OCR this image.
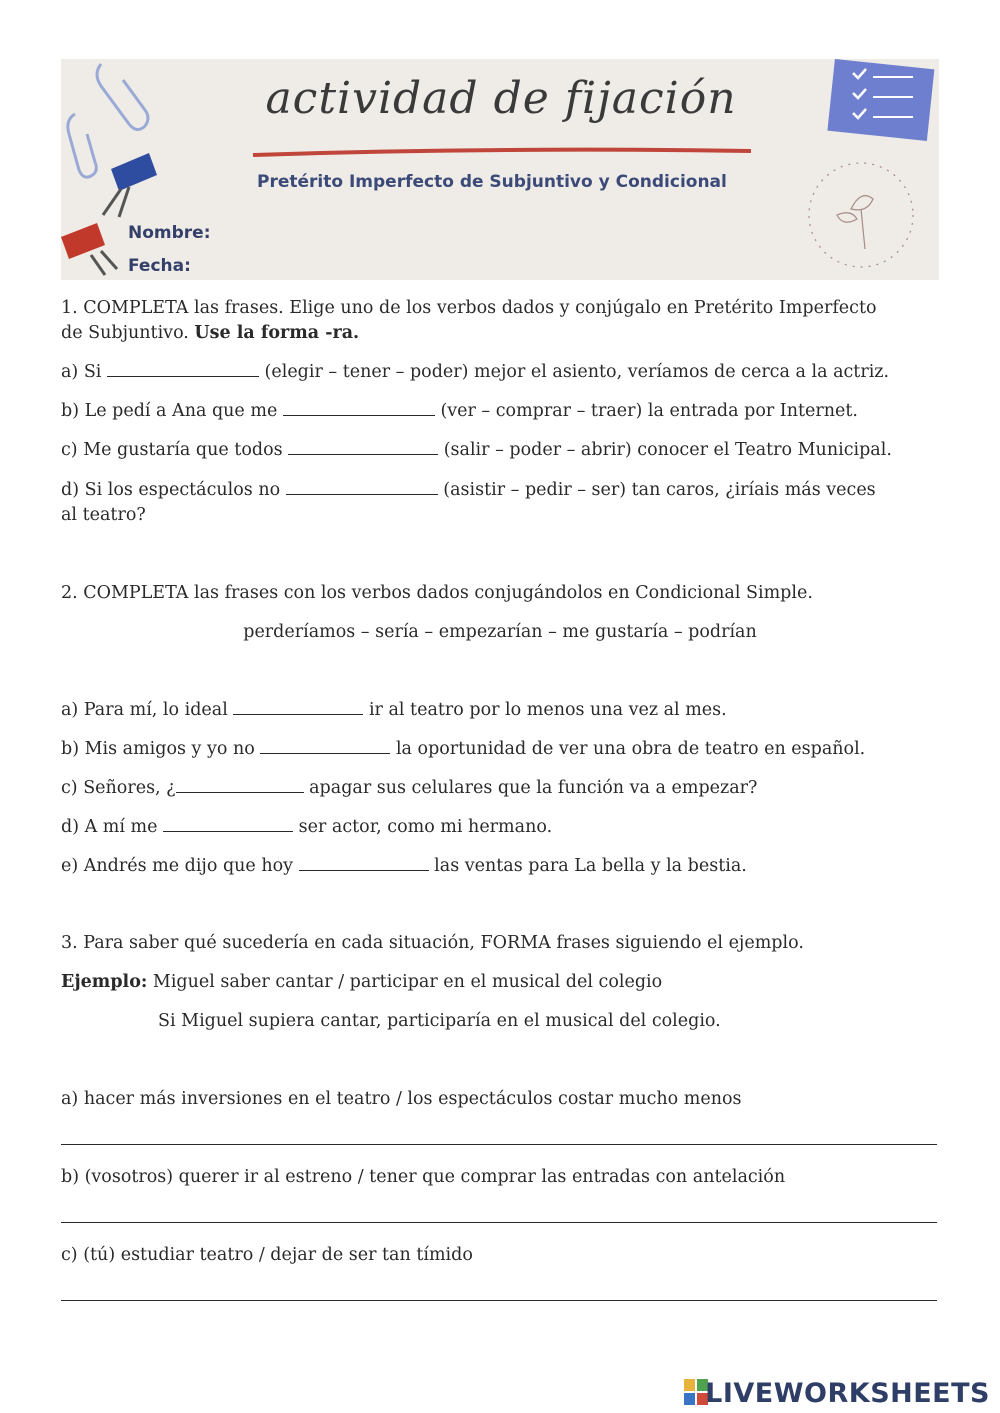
actividad de fijación
Pretérito Imperfecto de Subjuntivo y Condicional
Nombre:
Fecha:
1. COMPLETA las frases. Elige uno de los verbos dados y conjúgalo en Pretérito Imperfecto
de Subjuntivo. Use la forma -ra.
a) Si	(elegir – tener – poder) mejor el asiento, veríamos de cerca a la actriz.
b) Le pedí a Ana que me	(ver – comprar – traer) la entrada por Internet.
c) Me gustaría que todos	(salir – poder – abrir) conocer el Teatro Municipal.
d) Si los espectáculos no	(asistir – pedir – ser) tan caros, ¿iríais más veces
al teatro?
2. COMPLETA las frases con los verbos dados conjugándolos en Condicional Simple.
perderíamos – sería – empezarían – me gustaría – podrían
a) Para mí, lo ideal	ir al teatro por lo menos una vez al mes.
b) Mis amigos y yo no	la oportunidad de ver una obra de teatro en español.
c) Señores, ¿	apagar sus celulares que la función va a empezar?
d) A mí me	ser actor, como mi hermano.
e) Andrés me dijo que hoy	las ventas para La bella y la bestia.
3. Para saber qué sucedería en cada situación, FORMA frases siguiendo el ejemplo.
Ejemplo: Miguel saber cantar / participar en el musical del colegio
Si Miguel supiera cantar, participaría en el musical del colegio.
a) hacer más inversiones en el teatro / los espectáculos costar mucho menos
b) (vosotros) querer ir al estreno / tener que comprar las entradas con antelación
c) (tú) estudiar teatro / dejar de ser tan tímido
LIVEWORKSHEETS
